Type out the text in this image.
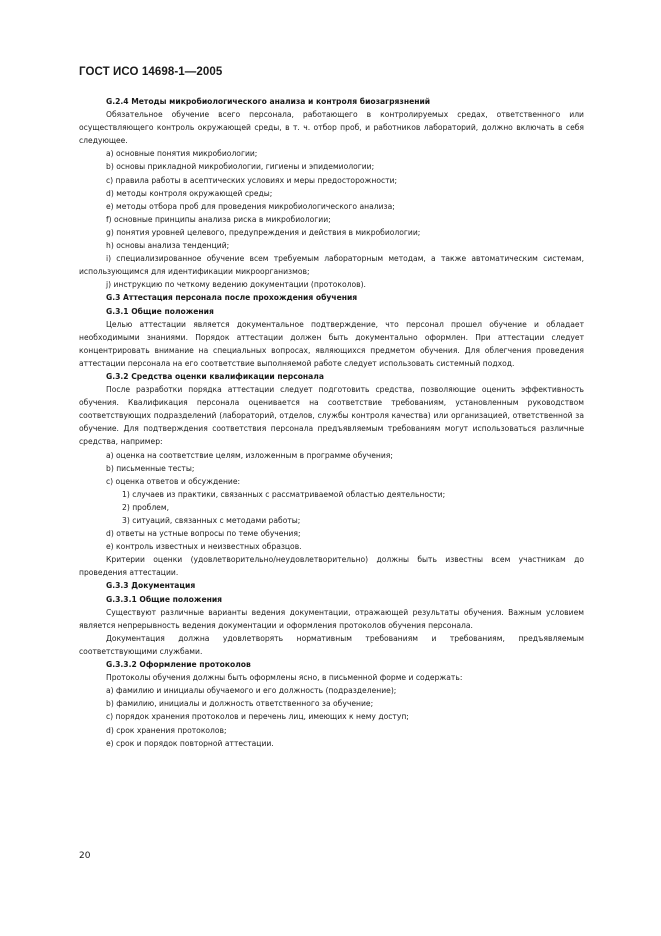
ГОСТ ИСО 14698-1—2005

G.2.4 Методы микробиологического анализа и контроля биозагрязнений

Обязательное обучение всего персонала, работающего в контролируемых средах, ответственного или осуществляющего контроль окружающей среды, в т. ч. отбор проб, и работников лабораторий, должно включать в себя следующее.

a) основные понятия микробиологии;

b) основы прикладной микробиологии, гигиены и эпидемиологии;

c) правила работы в асептических условиях и меры предосторожности;

d) методы контроля окружающей среды;

e) методы отбора проб для проведения микробиологического анализа;

f) основные принципы анализа риска в микробиологии;

g) понятия уровней целевого, предупреждения и действия в микробиологии;

h) основы анализа тенденций;

i) специализированное обучение всем требуемым лабораторным методам, а также автоматическим системам, использующимся для идентификации микроорганизмов;

j) инструкцию по четкому ведению документации (протоколов).

G.3 Аттестация персонала после прохождения обучения

G.3.1 Общие положения

Целью аттестации является документальное подтверждение, что персонал прошел обучение и обладает необходимыми знаниями. Порядок аттестации должен быть документально оформлен. При аттестации следует концентрировать внимание на специальных вопросах, являющихся предметом обучения. Для облегчения проведения аттестации персонала на его соответствие выполняемой работе следует использовать системный подход.

G.3.2 Средства оценки квалификации персонала

После разработки порядка аттестации следует подготовить средства, позволяющие оценить эффективность обучения. Квалификация персонала оценивается на соответствие требованиям, установленным руководством соответствующих подразделений (лабораторий, отделов, службы контроля качества) или организацией, ответственной за обучение. Для подтверждения соответствия персонала предъявляемым требованиям могут использоваться различные средства, например:

a) оценка на соответствие целям, изложенным в программе обучения;

b) письменные тесты;

c) оценка ответов и обсуждение:

1) случаев из практики, связанных с рассматриваемой областью деятельности;

2) проблем,

3) ситуаций, связанных с методами работы;

d) ответы на устные вопросы по теме обучения;

e) контроль известных и неизвестных образцов.

Критерии оценки (удовлетворительно/неудовлетворительно) должны быть известны всем участникам до проведения аттестации.

G.3.3 Документация

G.3.3.1 Общие положения

Существуют различные варианты ведения документации, отражающей результаты обучения. Важным условием является непрерывность ведения документации и оформления протоколов обучения персонала.

Документация должна удовлетворять нормативным требованиям и требованиям, предъявляемым соответствующими службами.

G.3.3.2 Оформление протоколов

Протоколы обучения должны быть оформлены ясно, в письменной форме и содержать:

a) фамилию и инициалы обучаемого и его должность (подразделение);

b) фамилию, инициалы и должность ответственного за обучение;

c) порядок хранения протоколов и перечень лиц, имеющих к нему доступ;

d) срок хранения протоколов;

e) срок и порядок повторной аттестации.

20
